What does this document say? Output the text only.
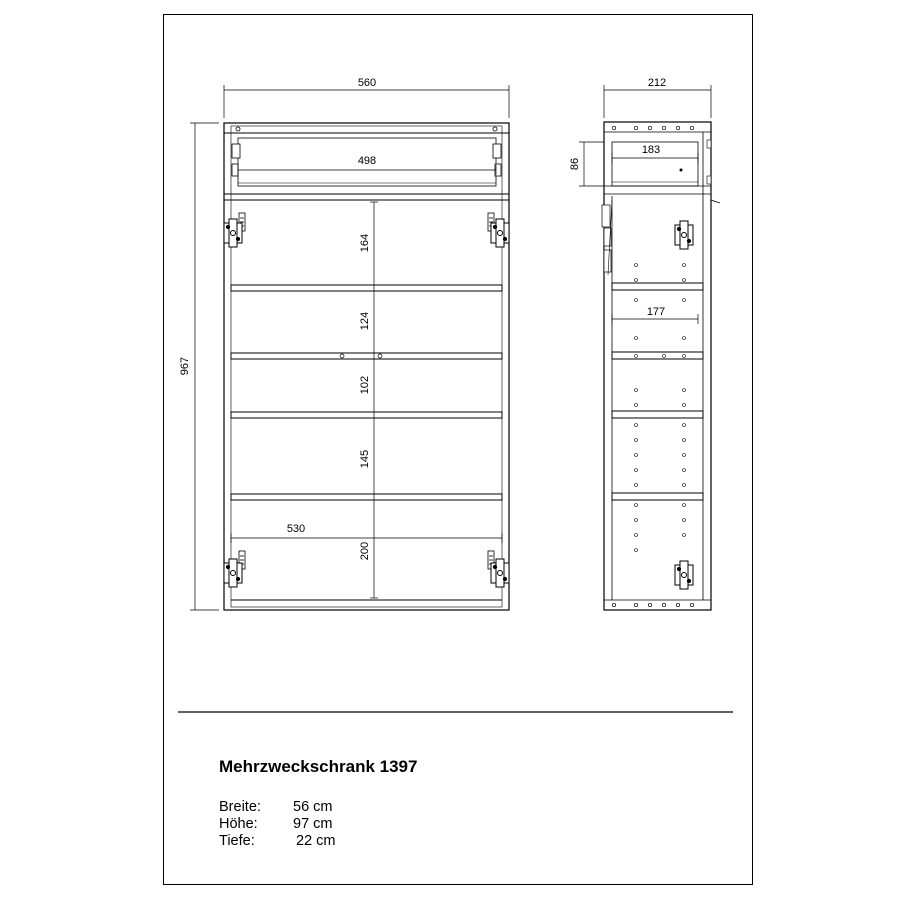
560
967
498
530
164
124
102
145
200
212
183
86
177
Mehrzweckschrank 1397
Breite:	56 cm
Höhe:	97 cm
Tiefe:	22 cm
